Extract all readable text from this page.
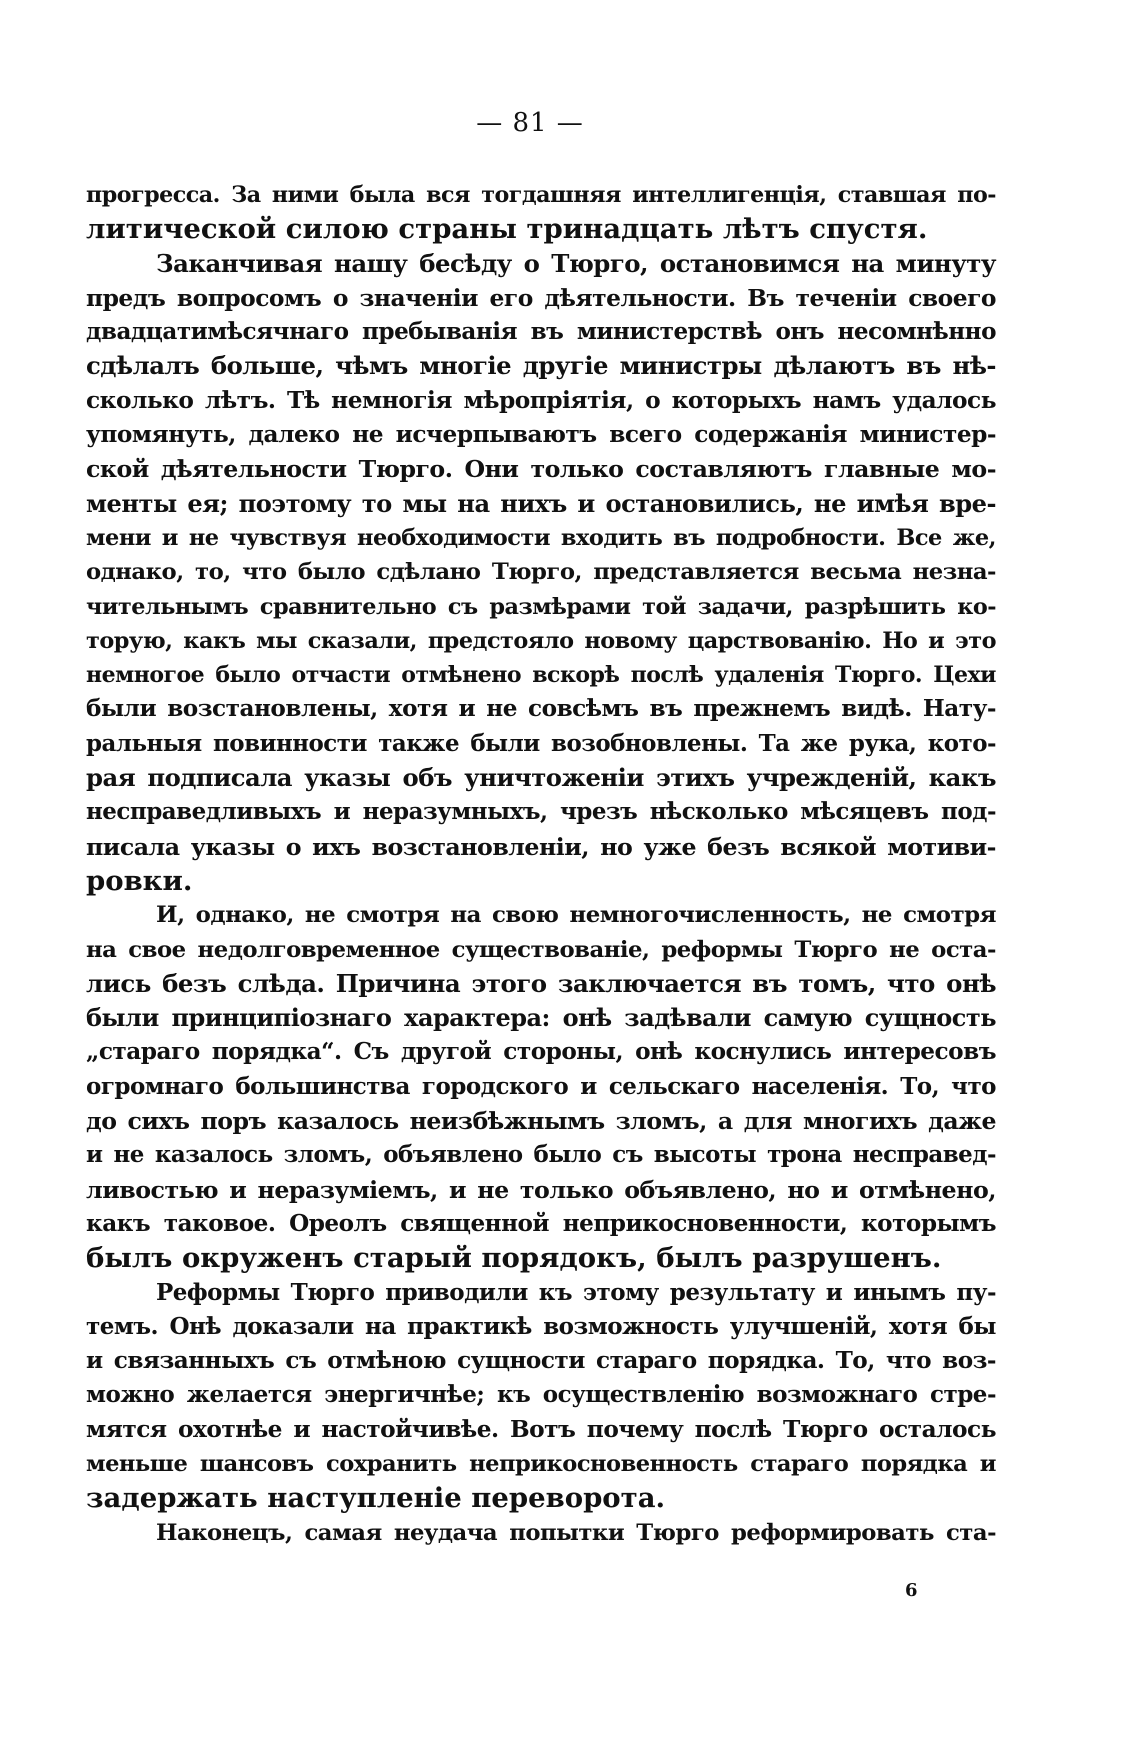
— 81 —
прогресса. За ними была вся тогдашняя интеллигенція, ставшая по-
литической силою страны тринадцать лѣтъ спустя.
Заканчивая нашу бесѣду о Тюрго, остановимся на минуту
предъ вопросомъ о значеніи его дѣятельности. Въ теченіи своего
двадцатимѣсячнаго пребыванія въ министерствѣ онъ несомнѣнно
сдѣлалъ больше, чѣмъ многіе другіе министры дѣлаютъ въ нѣ-
сколько лѣтъ. Тѣ немногія мѣропріятія, о которыхъ намъ удалось
упомянуть, далеко не исчерпываютъ всего содержанія министер-
ской дѣятельности Тюрго. Они только составляютъ главные мо-
менты ея; поэтому то мы на нихъ и остановились, не имѣя вре-
мени и не чувствуя необходимости входить въ подробности. Все же,
однако, то, что было сдѣлано Тюрго, представляется весьма незна-
чительнымъ сравнительно съ размѣрами той задачи, разрѣшить ко-
торую, какъ мы сказали, предстояло новому царствованію. Но и это
немногое было отчасти отмѣнено вскорѣ послѣ удаленія Тюрго. Цехи
были возстановлены, хотя и не совсѣмъ въ прежнемъ видѣ. Нату-
ральныя повинности также были возобновлены. Та же рука, кото-
рая подписала указы объ уничтоженіи этихъ учрежденій, какъ
несправедливыхъ и неразумныхъ, чрезъ нѣсколько мѣсяцевъ под-
писала указы о ихъ возстановленіи, но уже безъ всякой мотиви-
ровки.
И, однако, не смотря на свою немногочисленность, не смотря
на свое недолговременное существованіе, реформы Тюрго не оста-
лись безъ слѣда. Причина этого заключается въ томъ, что онѣ
были принципіознаго характера: онѣ задѣвали самую сущность
„стараго порядка“. Съ другой стороны, онѣ коснулись интересовъ
огромнаго большинства городского и сельскаго населенія. То, что
до сихъ поръ казалось неизбѣжнымъ зломъ, а для многихъ даже
и не казалось зломъ, объявлено было съ высоты трона несправед-
ливостью и неразуміемъ, и не только объявлено, но и отмѣнено,
какъ таковое. Ореолъ священной неприкосновенности, которымъ
былъ окруженъ старый порядокъ, былъ разрушенъ.
Реформы Тюрго приводили къ этому результату и инымъ пу-
темъ. Онѣ доказали на практикѣ возможность улучшеній, хотя бы
и связанныхъ съ отмѣною сущности стараго порядка. То, что воз-
можно желается энергичнѣе; къ осуществленію возможнаго стре-
мятся охотнѣе и настойчивѣе. Вотъ почему послѣ Тюрго осталось
меньше шансовъ сохранить неприкосновенность стараго порядка и
задержать наступленіе переворота.
Наконецъ, самая неудача попытки Тюрго реформировать ста-
6
